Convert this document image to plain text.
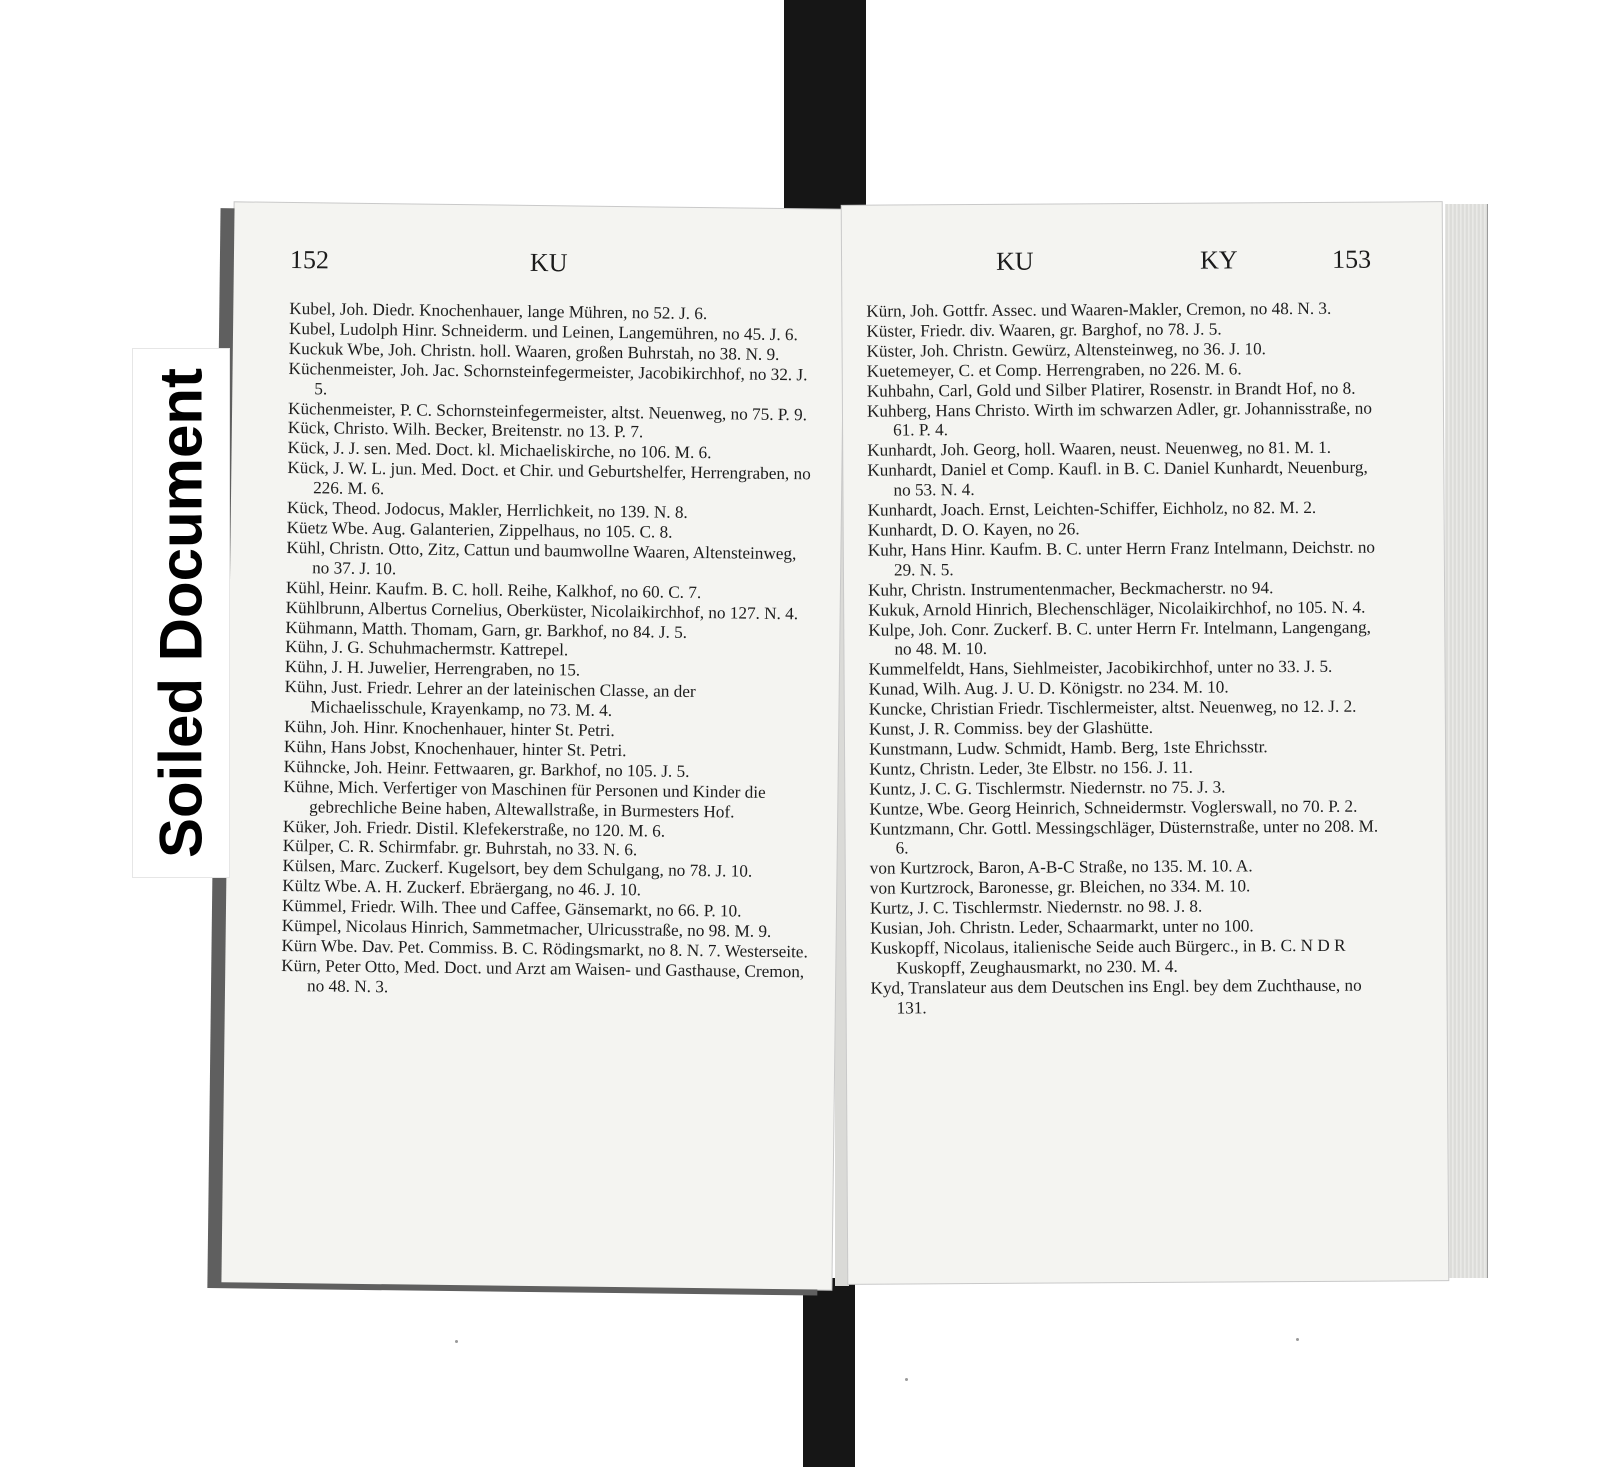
152	KU
Kubel, Joh. Diedr. Knochenhauer, lange Mühren, no 52. J. 6.
Kubel, Ludolph Hinr. Schneiderm. und Leinen, Langemühren, no 45. J. 6.
Kuckuk Wbe, Joh. Christn. holl. Waaren, großen Buhrstah, no 38. N. 9.
Küchenmeister, Joh. Jac. Schornsteinfegermeister, Jacobikirchhof, no 32. J. 5.
Küchenmeister, P. C. Schornsteinfegermeister, altst. Neuenweg, no 75. P. 9.
Kück, Christo. Wilh. Becker, Breitenstr. no 13. P. 7.
Kück, J. J. sen. Med. Doct. kl. Michaeliskirche, no 106. M. 6.
Kück, J. W. L. jun. Med. Doct. et Chir. und Geburtshelfer, Herrengraben, no 226. M. 6.
Kück, Theod. Jodocus, Makler, Herrlichkeit, no 139. N. 8.
Küetz Wbe. Aug. Galanterien, Zippelhaus, no 105. C. 8.
Kühl, Christn. Otto, Zitz, Cattun und baumwollne Waaren, Altensteinweg, no 37. J. 10.
Kühl, Heinr. Kaufm. B. C. holl. Reihe, Kalkhof, no 60. C. 7.
Kühlbrunn, Albertus Cornelius, Oberküster, Nicolaikirchhof, no 127. N. 4.
Kühmann, Matth. Thomam, Garn, gr. Barkhof, no 84. J. 5.
Kühn, J. G. Schuhmachermstr. Kattrepel.
Kühn, J. H. Juwelier, Herrengraben, no 15.
Kühn, Just. Friedr. Lehrer an der lateinischen Classe, an der Michaelisschule, Krayenkamp, no 73. M. 4.
Kühn, Joh. Hinr. Knochenhauer, hinter St. Petri.
Kühn, Hans Jobst, Knochenhauer, hinter St. Petri.
Kühncke, Joh. Heinr. Fettwaaren, gr. Barkhof, no 105. J. 5.
Kühne, Mich. Verfertiger von Maschinen für Personen und Kinder die gebrechliche Beine haben, Altewallstraße, in Burmesters Hof.
Küker, Joh. Friedr. Distil. Klefekerstraße, no 120. M. 6.
Külper, C. R. Schirmfabr. gr. Buhrstah, no 33. N. 6.
Külsen, Marc. Zuckerf. Kugelsort, bey dem Schulgang, no 78. J. 10.
Kültz Wbe. A. H. Zuckerf. Ebräergang, no 46. J. 10.
Kümmel, Friedr. Wilh. Thee und Caffee, Gänsemarkt, no 66. P. 10.
Kümpel, Nicolaus Hinrich, Sammetmacher, Ulricusstraße, no 98. M. 9.
Kürn Wbe. Dav. Pet. Commiss. B. C. Rödingsmarkt, no 8. N. 7. Westerseite.
Kürn, Peter Otto, Med. Doct. und Arzt am Waisen- und Gasthause, Cremon, no 48. N. 3.
KU	KY	153
Kürn, Joh. Gottfr. Assec. und Waaren-Makler, Cremon, no 48. N. 3.
Küster, Friedr. div. Waaren, gr. Barghof, no 78. J. 5.
Küster, Joh. Christn. Gewürz, Altensteinweg, no 36. J. 10.
Kuetemeyer, C. et Comp. Herrengraben, no 226. M. 6.
Kuhbahn, Carl, Gold und Silber Platirer, Rosenstr. in Brandt Hof, no 8.
Kuhberg, Hans Christo. Wirth im schwarzen Adler, gr. Johannisstraße, no 61. P. 4.
Kunhardt, Joh. Georg, holl. Waaren, neust. Neuenweg, no 81. M. 1.
Kunhardt, Daniel et Comp. Kaufl. in B. C. Daniel Kunhardt, Neuenburg, no 53. N. 4.
Kunhardt, Joach. Ernst, Leichten-Schiffer, Eichholz, no 82. M. 2.
Kunhardt, D. O. Kayen, no 26.
Kuhr, Hans Hinr. Kaufm. B. C. unter Herrn Franz Intelmann, Deichstr. no 29. N. 5.
Kuhr, Christn. Instrumentenmacher, Beckmacherstr. no 94.
Kukuk, Arnold Hinrich, Blechenschläger, Nicolaikirchhof, no 105. N. 4.
Kulpe, Joh. Conr. Zuckerf. B. C. unter Herrn Fr. Intelmann, Langengang, no 48. M. 10.
Kummelfeldt, Hans, Siehlmeister, Jacobikirchhof, unter no 33. J. 5.
Kunad, Wilh. Aug. J. U. D. Königstr. no 234. M. 10.
Kuncke, Christian Friedr. Tischlermeister, altst. Neuenweg, no 12. J. 2.
Kunst, J. R. Commiss. bey der Glashütte.
Kunstmann, Ludw. Schmidt, Hamb. Berg, 1ste Ehrichsstr.
Kuntz, Christn. Leder, 3te Elbstr. no 156. J. 11.
Kuntz, J. C. G. Tischlermstr. Niedernstr. no 75. J. 3.
Kuntze, Wbe. Georg Heinrich, Schneidermstr. Voglerswall, no 70. P. 2.
Kuntzmann, Chr. Gottl. Messingschläger, Düsternstraße, unter no 208. M. 6.
von Kurtzrock, Baron, A-B-C Straße, no 135. M. 10. A.
von Kurtzrock, Baronesse, gr. Bleichen, no 334. M. 10.
Kurtz, J. C. Tischlermstr. Niedernstr. no 98. J. 8.
Kusian, Joh. Christn. Leder, Schaarmarkt, unter no 100.
Kuskopff, Nicolaus, italienische Seide auch Bürgerc., in B. C. N D R Kuskopff, Zeughausmarkt, no 230. M. 4.
Kyd, Translateur aus dem Deutschen ins Engl. bey dem Zuchthause, no 131.
Soiled Document
